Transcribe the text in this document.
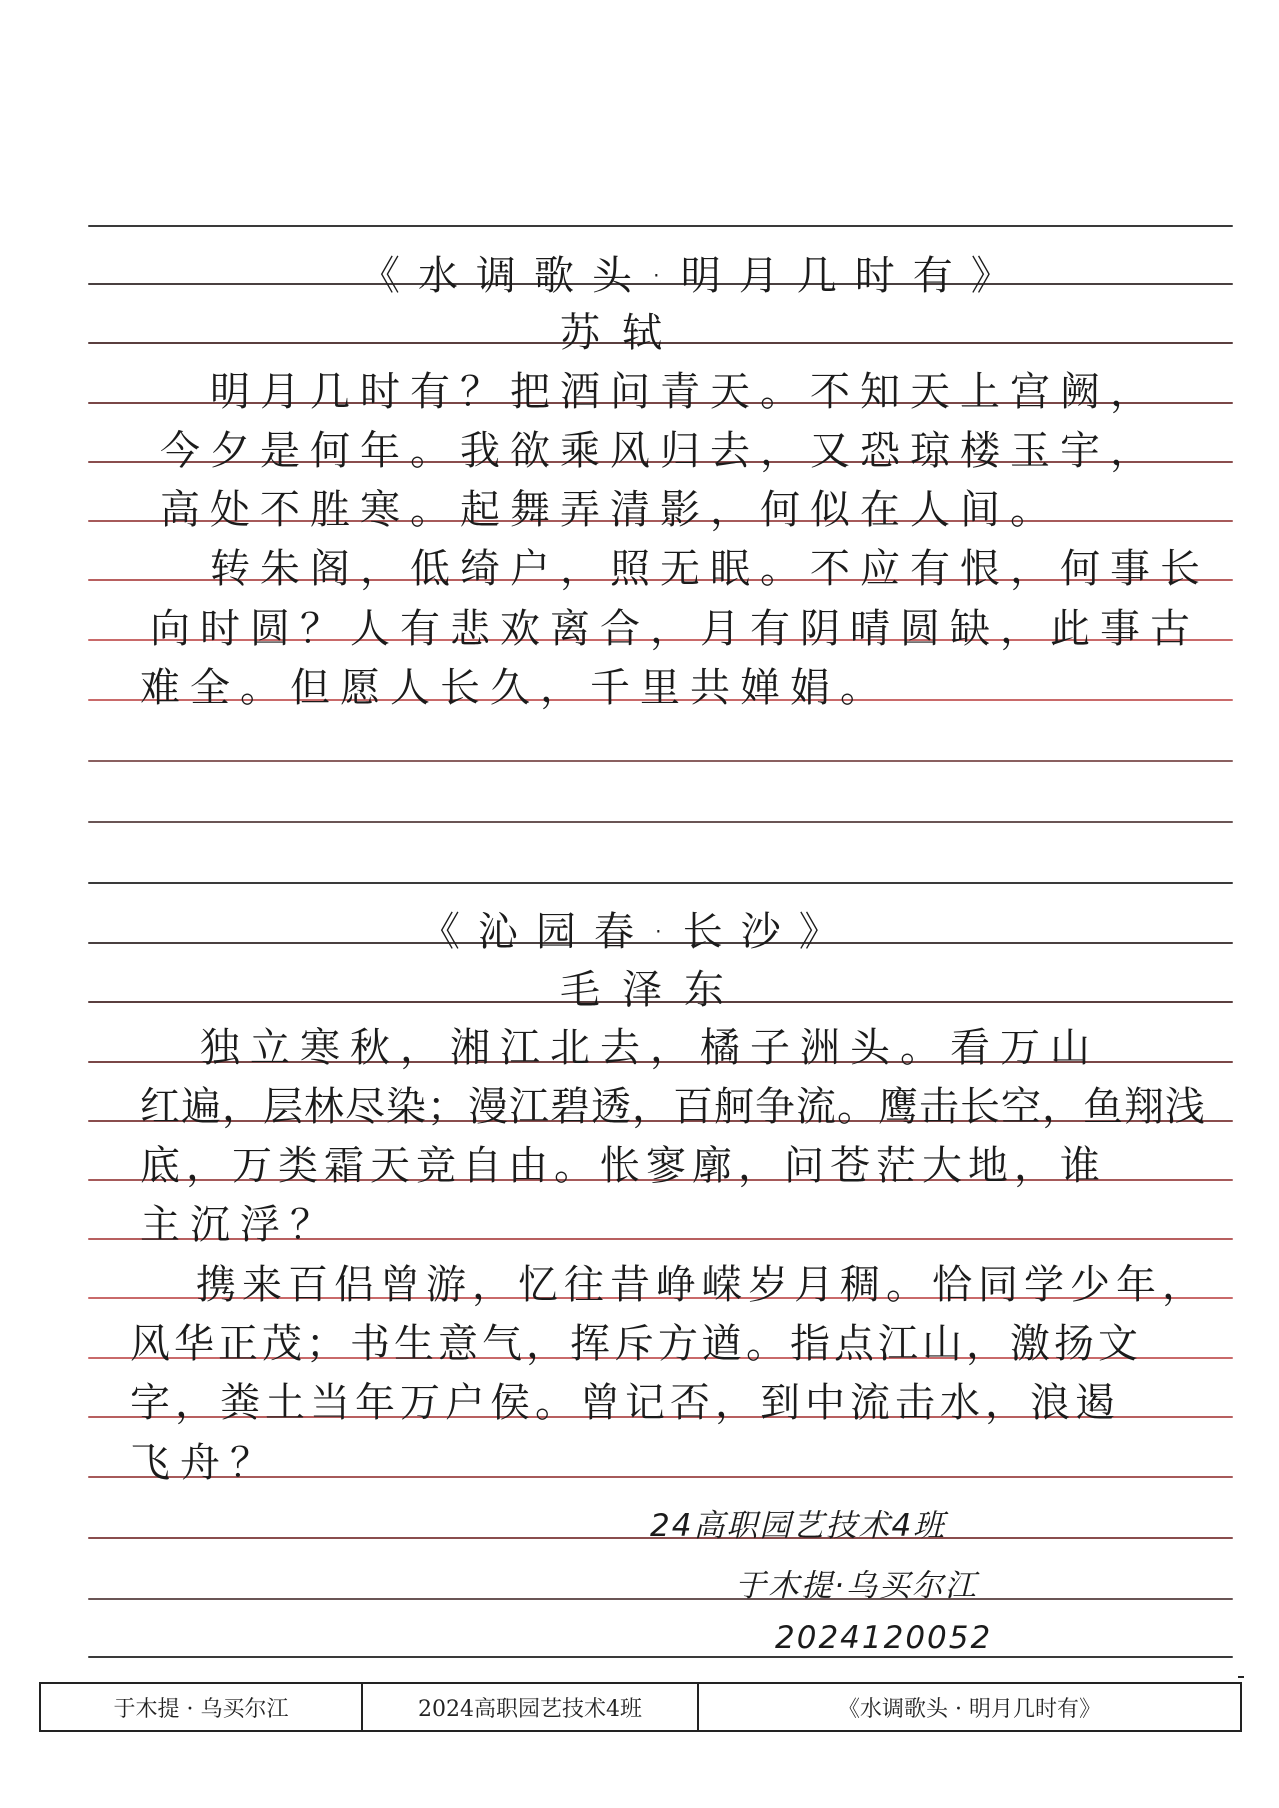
《水调歌头·明月几时有》
苏轼
　明月几时有？把酒问青天。不知天上宫阙，
今夕是何年。我欲乘风归去，又恐琼楼玉宇，
高处不胜寒。起舞弄清影，何似在人间。
　转朱阁，低绮户，照无眠。不应有恨，何事长
向时圆？人有悲欢离合，月有阴晴圆缺，此事古
难全。但愿人长久，千里共婵娟。
《沁园春·长沙》
毛泽东
　独立寒秋，湘江北去，橘子洲头。看万山
红遍，层林尽染；漫江碧透，百舸争流。鹰击长空，鱼翔浅
底，万类霜天竞自由。怅寥廓，问苍茫大地，谁
主沉浮？
　携来百侣曾游，忆往昔峥嵘岁月稠。恰同学少年，
风华正茂；书生意气，挥斥方遒。指点江山，激扬文
字，粪土当年万户侯。曾记否，到中流击水，浪遏
飞舟？
24高职园艺技术4班
于木提·乌买尔江
2024120052
于木提 · 乌买尔江	2024高职园艺技术4班	《水调歌头 · 明月几时有》
